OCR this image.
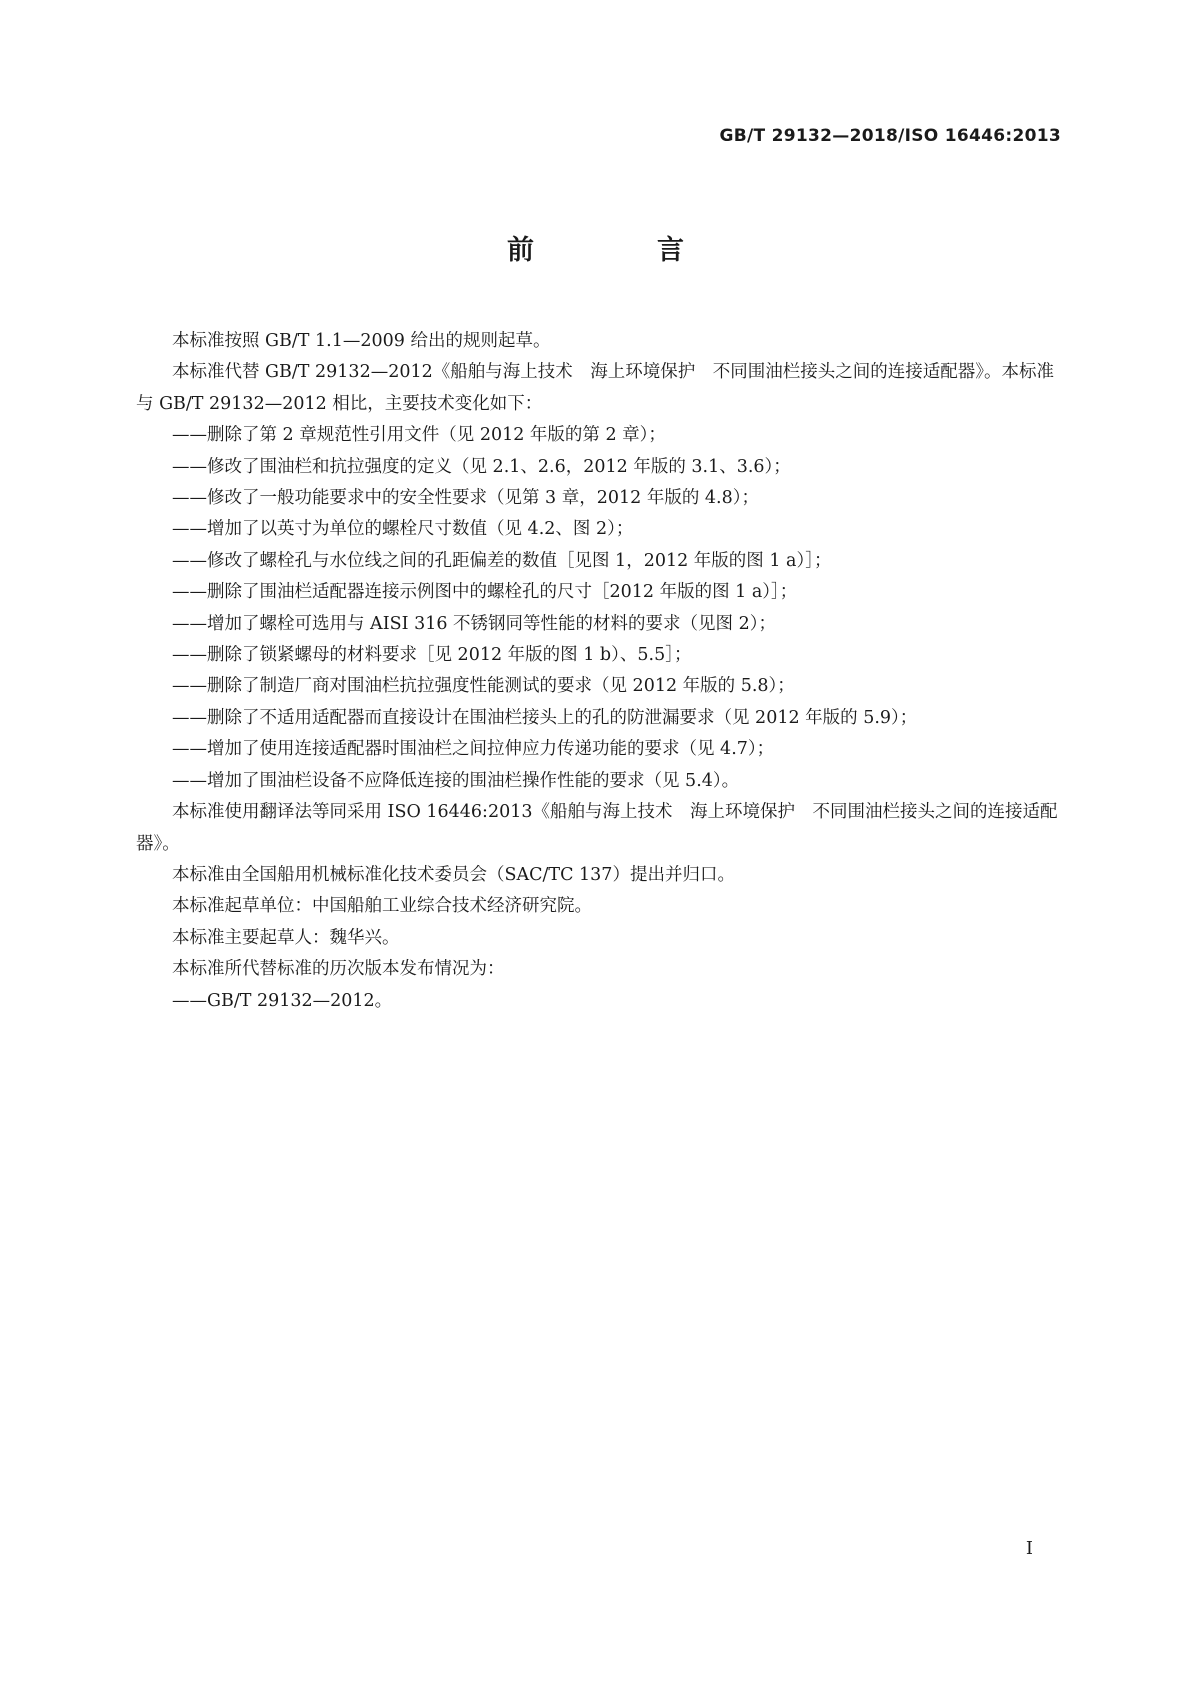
GB/T 29132—2018/ISO 16446:2013
前　言

本标准按照 GB/T 1.1—2009 给出的规则起草。

本标准代替 GB/T 29132—2012《船舶与海上技术　海上环境保护　不同围油栏接头之间的连接适配器》。本标准与 GB/T 29132—2012 相比，主要技术变化如下：

——删除了第 2 章规范性引用文件（见 2012 年版的第 2 章）；

——修改了围油栏和抗拉强度的定义（见 2.1、2.6，2012 年版的 3.1、3.6）；

——修改了一般功能要求中的安全性要求（见第 3 章，2012 年版的 4.8）；

——增加了以英寸为单位的螺栓尺寸数值（见 4.2、图 2）；

——修改了螺栓孔与水位线之间的孔距偏差的数值［见图 1，2012 年版的图 1 a）］；

——删除了围油栏适配器连接示例图中的螺栓孔的尺寸［2012 年版的图 1 a）］；

——增加了螺栓可选用与 AISI 316 不锈钢同等性能的材料的要求（见图 2）；

——删除了锁紧螺母的材料要求［见 2012 年版的图 1 b）、5.5］；

——删除了制造厂商对围油栏抗拉强度性能测试的要求（见 2012 年版的 5.8）；

——删除了不适用适配器而直接设计在围油栏接头上的孔的防泄漏要求（见 2012 年版的 5.9）；

——增加了使用连接适配器时围油栏之间拉伸应力传递功能的要求（见 4.7）；

——增加了围油栏设备不应降低连接的围油栏操作性能的要求（见 5.4）。

本标准使用翻译法等同采用 ISO 16446:2013《船舶与海上技术　海上环境保护　不同围油栏接头之间的连接适配器》。

本标准由全国船用机械标准化技术委员会（SAC/TC 137）提出并归口。

本标准起草单位：中国船舶工业综合技术经济研究院。

本标准主要起草人：魏华兴。

本标准所代替标准的历次版本发布情况为：

——GB/T 29132—2012。

I
